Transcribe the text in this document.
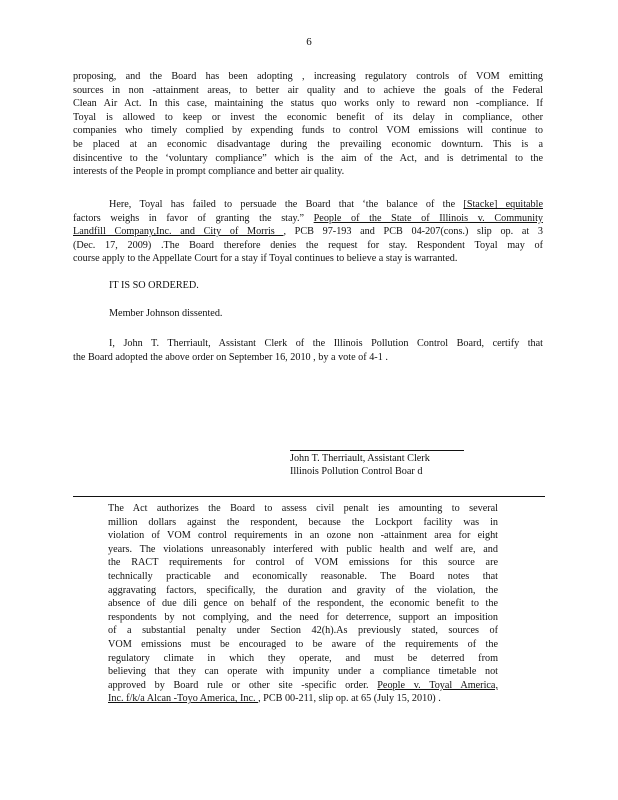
6
proposing, and the Board has been adopting , increasing regulatory controls of VOM emitting
sources in non -attainment areas, to better air quality and to achieve the goals of the Federal
Clean Air Act. In this case, maintaining the status quo works only to reward non -compliance. If
Toyal is allowed to keep or invest the economic benefit of its delay in compliance, other
companies who timely complied by expending funds to control VOM emissions will continue to
be placed at an economic disadvantage during the prevailing economic downturn. This is a
disincentive to the ‘voluntary compliance” which is the aim of the Act, and is detrimental to the
interests of the People in prompt compliance and better air quality.
Here, Toyal has failed to persuade the Board that ‘the balance of the [Stacke] equitable
factors weighs in favor of granting the stay.” People of the State of Illinois v. Community
Landfill Company,Inc. and City of Morris , PCB 97-193 and PCB 04-207(cons.) slip op. at 3
(Dec. 17, 2009) .The Board therefore denies the request for stay. Respondent Toyal may of
course apply to the Appellate Court for a stay if Toyal continues to believe a stay is warranted.
IT IS SO ORDERED.
Member Johnson dissented.
I, John T. Therriault, Assistant Clerk of the Illinois Pollution Control Board, certify that
the Board adopted the above order on September 16, 2010 , by a vote of 4-1 .
John T. Therriault, Assistant Clerk
Illinois Pollution Control Boar d
The Act authorizes the Board to assess civil penalt ies amounting to several
million dollars against the respondent, because the Lockport facility was in
violation of VOM control requirements in an ozone non -attainment area for eight
years. The violations unreasonably interfered with public health and welf are, and
the RACT requirements for control of VOM emissions for this source are
technically practicable and economically reasonable. The Board notes that
aggravating factors, specifically, the duration and gravity of the violation, the
absence of due dili gence on behalf of the respondent, the economic benefit to the
respondents by not complying, and the need for deterrence, support an imposition
of a substantial penalty under Section 42(h).As previously stated, sources of
VOM emissions must be encouraged to be aware of the requirements of the
regulatory climate in which they operate, and must be deterred from
believing that they can operate with impunity under a compliance timetable not
approved by Board rule or other site -specific order. People v. Toyal America,
Inc. f/k/a Alcan -Toyo America, Inc. , PCB 00-211, slip op. at 65 (July 15, 2010) .
